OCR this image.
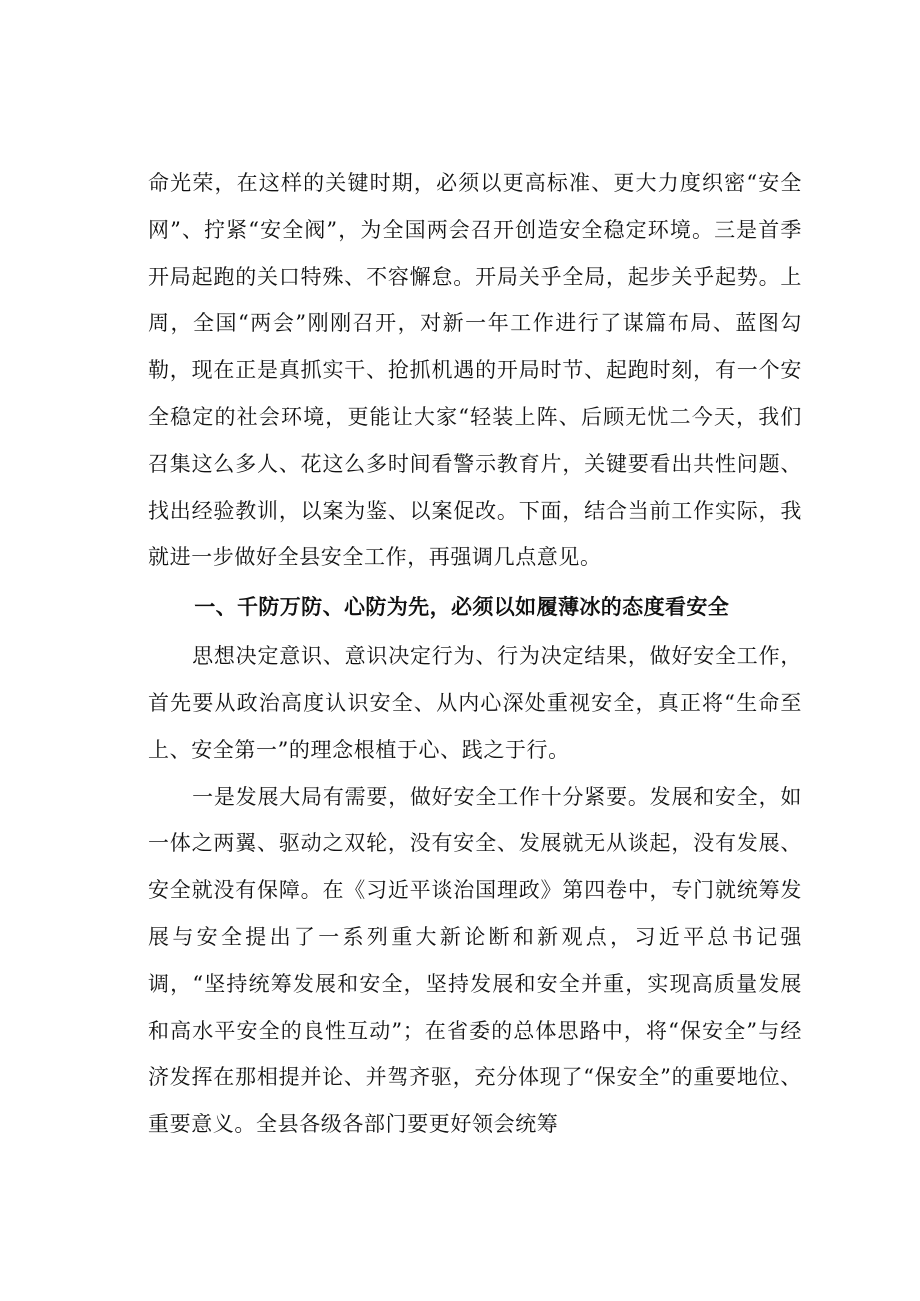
命光荣，在这样的关键时期，必须以更高标准、更大力度织密“安全网”、拧紧“安全阀”，为全国两会召开创造安全稳定环境。三是首季开局起跑的关口特殊、不容懈怠。开局关乎全局，起步关乎起势。上周，全国“两会”刚刚召开，对新一年工作进行了谋篇布局、蓝图勾勒，现在正是真抓实干、抢抓机遇的开局时节、起跑时刻，有一个安全稳定的社会环境，更能让大家“轻装上阵、后顾无忧二今天，我们召集这么多人、花这么多时间看警示教育片，关键要看出共性问题、找出经验教训，以案为鉴、以案促改。下面，结合当前工作实际，我就进一步做好全县安全工作，再强调几点意见。

一、千防万防、心防为先，必须以如履薄冰的态度看安全

思想决定意识、意识决定行为、行为决定结果，做好安全工作，首先要从政治高度认识安全、从内心深处重视安全，真正将“生命至上、安全第一”的理念根植于心、践之于行。

一是发展大局有需要，做好安全工作十分紧要。发展和安全，如一体之两翼、驱动之双轮，没有安全、发展就无从谈起，没有发展、安全就没有保障。在《习近平谈治国理政》第四卷中，专门就统筹发展与安全提出了一系列重大新论断和新观点，习近平总书记强调，“坚持统筹发展和安全，坚持发展和安全并重，实现高质量发展和高水平安全的良性互动”；在省委的总体思路中，将“保安全”与经济发挥在那相提并论、并驾齐驱，充分体现了“保安全”的重要地位、重要意义。全县各级各部门要更好领会统筹
